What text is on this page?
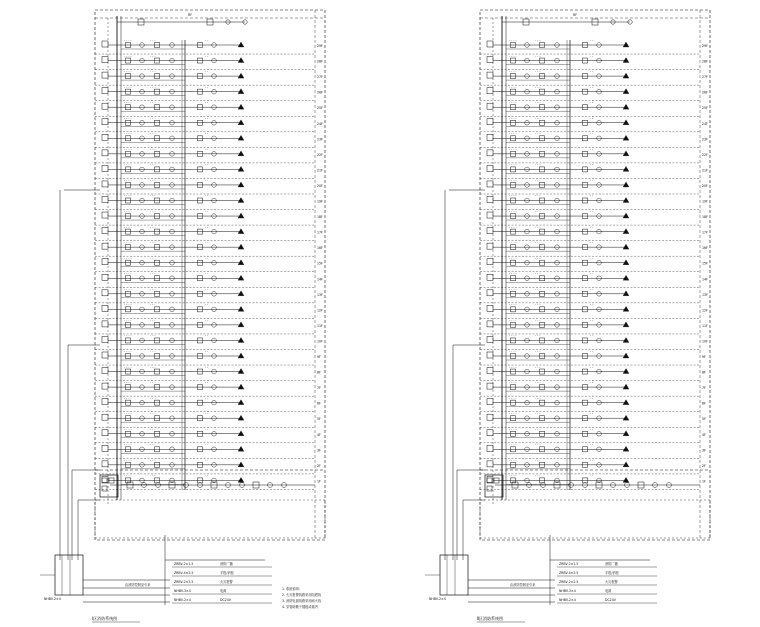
RF
- - - -	- - -	- -
29F
- - - -	- - -	- -
28F
- - - -	- - -	- -
27F
- - - -	- - -	- -
26F
- - - -	- - -	- -
25F
- - - -	- - -	- -
24F
- - - -	- - -	- -
23F
- - - -	- - -	- -
22F
- - - -	- - -	- -
21F
- - - -	- - -	- -
20F
- - - -	- - -	- -
19F
- - - -	- - -	- -
18F
- - - -	- - -	- -
17F
- - - -	- - -	- -
16F
- - - -	- - -	- -
15F
- - - -	- - -	- -
14F
- - - -	- - -	- -
13F
- - - -	- - -	- -
12F
- - - -	- - -	- -
11F
- - - -	- - -	- -
10F
- - - -	- - -	- -
9F
- - - -	- - -	- -
8F
- - - -	- - -	- -
7F
- - - -	- - -	- -
6F
- - - -	- - -	- -
5F
- - - -	- - -	- -
4F
- - - -	- - -	- -
3F
- - - -	- - -	- -
2F
- - - -	- - -	- -
1F
NHBV-2×4
ZRBV-2×1.5	消防广播
ZRBV-4×2.5	手报/消栓
ZRBV-2×2.5	火灾报警
NHBV-3×4	电源
NHBV-2×4	DC24V
由消防控制室引来
1. 系统说明:
2. 火灾报警线路采用阻燃线
3. 消防电源线路采用耐火线
4. 穿管暗敷于楼板或墙内
Ⅰ区消防系统图
RF
- - - -	- - -	- -
29F
- - - -	- - -	- -
28F
- - - -	- - -	- -
27F
- - - -	- - -	- -
26F
- - - -	- - -	- -
25F
- - - -	- - -	- -
24F
- - - -	- - -	- -
23F
- - - -	- - -	- -
22F
- - - -	- - -	- -
21F
- - - -	- - -	- -
20F
- - - -	- - -	- -
19F
- - - -	- - -	- -
18F
- - - -	- - -	- -
17F
- - - -	- - -	- -
16F
- - - -	- - -	- -
15F
- - - -	- - -	- -
14F
- - - -	- - -	- -
13F
- - - -	- - -	- -
12F
- - - -	- - -	- -
11F
- - - -	- - -	- -
10F
- - - -	- - -	- -
9F
- - - -	- - -	- -
8F
- - - -	- - -	- -
7F
- - - -	- - -	- -
6F
- - - -	- - -	- -
5F
- - - -	- - -	- -
4F
- - - -	- - -	- -
3F
- - - -	- - -	- -
2F
- - - -	- - -	- -
1F
NHBV-2×4
ZRBV-2×1.5	消防广播
ZRBV-4×2.5	手报/消栓
ZRBV-2×2.5	火灾报警
NHBV-3×4	电源
NHBV-2×4	DC24V
由消防控制室引来
Ⅱ区消防系统图
